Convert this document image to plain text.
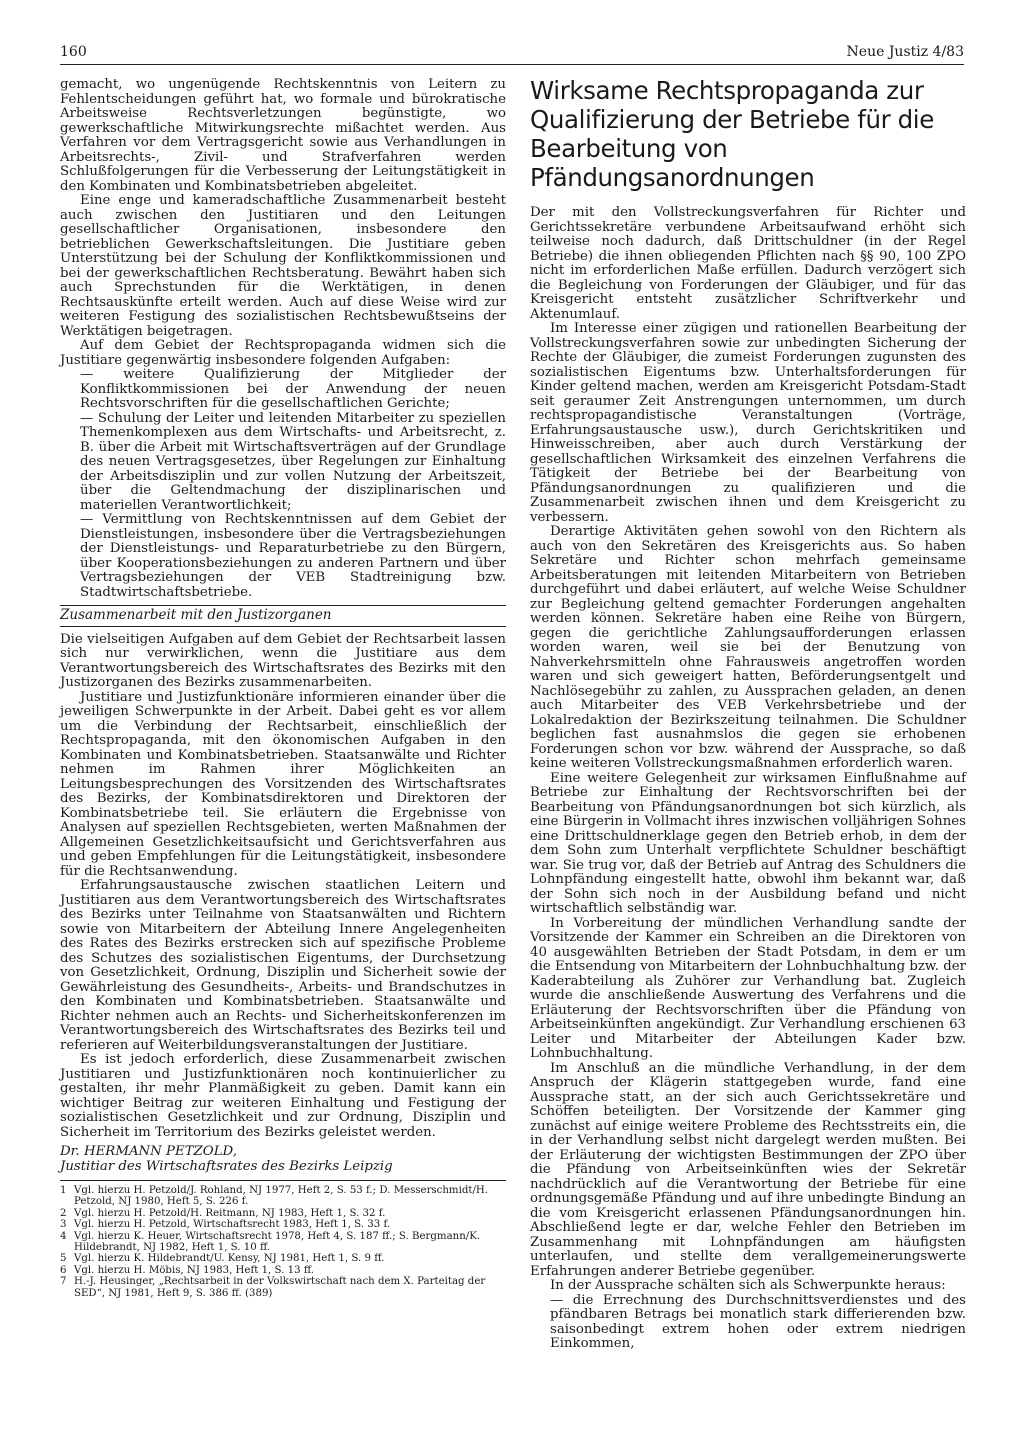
160	Neue Justiz 4/83

gemacht, wo ungenügende Rechtskenntnis von Leitern zu Fehlentscheidungen geführt hat, wo formale und bürokratische Arbeitsweise Rechtsverletzungen begünstigte, wo gewerkschaftliche Mitwirkungsrechte mißachtet werden. Aus Verfahren vor dem Vertragsgericht sowie aus Verhandlungen in Arbeitsrechts-, Zivil- und Strafverfahren werden Schlußfolgerungen für die Verbesserung der Leitungstätigkeit in den Kombinaten und Kombinatsbetrieben abgeleitet.

Eine enge und kameradschaftliche Zusammenarbeit besteht auch zwischen den Justitiaren und den Leitungen gesellschaftlicher Organisationen, insbesondere den betrieblichen Gewerkschaftsleitungen. Die Justitiare geben Unterstützung bei der Schulung der Konfliktkommissionen und bei der gewerkschaftlichen Rechtsberatung. Bewährt haben sich auch Sprechstunden für die Werktätigen, in denen Rechtsauskünfte erteilt werden. Auch auf diese Weise wird zur weiteren Festigung des sozialistischen Rechtsbewußtseins der Werktätigen beigetragen.

Auf dem Gebiet der Rechtspropaganda widmen sich die Justitiare gegenwärtig insbesondere folgenden Aufgaben:

— weitere Qualifizierung der Mitglieder der Konfliktkommissionen bei der Anwendung der neuen Rechtsvorschriften für die gesellschaftlichen Gerichte;

— Schulung der Leiter und leitenden Mitarbeiter zu speziellen Themenkomplexen aus dem Wirtschafts- und Arbeitsrecht, z. B. über die Arbeit mit Wirtschaftsverträgen auf der Grundlage des neuen Vertragsgesetzes, über Regelungen zur Einhaltung der Arbeitsdisziplin und zur vollen Nutzung der Arbeitszeit, über die Geltendmachung der disziplinarischen und materiellen Verantwortlichkeit;

— Vermittlung von Rechtskenntnissen auf dem Gebiet der Dienstleistungen, insbesondere über die Vertragsbeziehungen der Dienstleistungs- und Reparaturbetriebe zu den Bürgern, über Kooperationsbeziehungen zu anderen Partnern und über Vertragsbeziehungen der VEB Stadtreinigung bzw. Stadtwirtschaftsbetriebe.

Zusammenarbeit mit den Justizorganen

Die vielseitigen Aufgaben auf dem Gebiet der Rechtsarbeit lassen sich nur verwirklichen, wenn die Justitiare aus dem Verantwortungsbereich des Wirtschaftsrates des Bezirks mit den Justizorganen des Bezirks zusammenarbeiten.

Justitiare und Justizfunktionäre informieren einander über die jeweiligen Schwerpunkte in der Arbeit. Dabei geht es vor allem um die Verbindung der Rechtsarbeit, einschließlich der Rechtspropaganda, mit den ökonomischen Aufgaben in den Kombinaten und Kombinatsbetrieben. Staatsanwälte und Richter nehmen im Rahmen ihrer Möglichkeiten an Leitungsbesprechungen des Vorsitzenden des Wirtschaftsrates des Bezirks, der Kombinatsdirektoren und Direktoren der Kombinatsbetriebe teil. Sie erläutern die Ergebnisse von Analysen auf speziellen Rechtsgebieten, werten Maßnahmen der Allgemeinen Gesetzlichkeitsaufsicht und Gerichtsverfahren aus und geben Empfehlungen für die Leitungstätigkeit, insbesondere für die Rechtsanwendung.

Erfahrungsaustausche zwischen staatlichen Leitern und Justitiaren aus dem Verantwortungsbereich des Wirtschaftsrates des Bezirks unter Teilnahme von Staatsanwälten und Richtern sowie von Mitarbeitern der Abteilung Innere Angelegenheiten des Rates des Bezirks erstrecken sich auf spezifische Probleme des Schutzes des sozialistischen Eigentums, der Durchsetzung von Gesetzlichkeit, Ordnung, Disziplin und Sicherheit sowie der Gewährleistung des Gesundheits-, Arbeits- und Brandschutzes in den Kombinaten und Kombinatsbetrieben. Staatsanwälte und Richter nehmen auch an Rechts- und Sicherheitskonferenzen im Verantwortungsbereich des Wirtschaftsrates des Bezirks teil und referieren auf Weiterbildungsveranstaltungen der Justitiare.

Es ist jedoch erforderlich, diese Zusammenarbeit zwischen Justitiaren und Justizfunktionären noch kontinuierlicher zu gestalten, ihr mehr Planmäßigkeit zu geben. Damit kann ein wichtiger Beitrag zur weiteren Einhaltung und Festigung der sozialistischen Gesetzlichkeit und zur Ordnung, Disziplin und Sicherheit im Territorium des Bezirks geleistet werden.

Dr. HERMANN PETZOLD,
Justitiar des Wirtschaftsrates des Bezirks Leipzig
1 Vgl. hierzu H. Petzold/J. Rohland, NJ 1977, Heft 2, S. 53 f.; D. Messerschmidt/H. Petzold, NJ 1980, Heft 5, S. 226 f.
2 Vgl. hierzu H. Petzold/H. Reitmann, NJ 1983, Heft 1, S. 32 f.
3 Vgl. hierzu H. Petzold, Wirtschaftsrecht 1983, Heft 1, S. 33 f.
4 Vgl. hierzu K. Heuer, Wirtschaftsrecht 1978, Heft 4, S. 187 ff.; S. Bergmann/K. Hildebrandt, NJ 1982, Heft 1, S. 10 ff.
5 Vgl. hierzu K. Hildebrandt/U. Kensy, NJ 1981, Heft 1, S. 9 ff.
6 Vgl. hierzu H. Möbis, NJ 1983, Heft 1, S. 13 ff.
7 H.-J. Heusinger, „Rechtsarbeit in der Volkswirtschaft nach dem X. Parteitag der SED“, NJ 1981, Heft 9, S. 386 ff. (389)
Wirksame Rechtspropaganda zur Qualifizierung der Betriebe für die Bearbeitung von Pfändungsanordnungen

Der mit den Vollstreckungsverfahren für Richter und Gerichtssekretäre verbundene Arbeitsaufwand erhöht sich teilweise noch dadurch, daß Drittschuldner (in der Regel Betriebe) die ihnen obliegenden Pflichten nach §§ 90, 100 ZPO nicht im erforderlichen Maße erfüllen. Dadurch verzögert sich die Begleichung von Forderungen der Gläubiger, und für das Kreisgericht entsteht zusätzlicher Schriftverkehr und Aktenumlauf.

Im Interesse einer zügigen und rationellen Bearbeitung der Vollstreckungsverfahren sowie zur unbedingten Sicherung der Rechte der Gläubiger, die zumeist Forderungen zugunsten des sozialistischen Eigentums bzw. Unterhaltsforderungen für Kinder geltend machen, werden am Kreisgericht Potsdam-Stadt seit geraumer Zeit Anstrengungen unternommen, um durch rechtspropagandistische Veranstaltungen (Vorträge, Erfahrungsaustausche usw.), durch Gerichtskritiken und Hinweisschreiben, aber auch durch Verstärkung der gesellschaftlichen Wirksamkeit des einzelnen Verfahrens die Tätigkeit der Betriebe bei der Bearbeitung von Pfändungsanordnungen zu qualifizieren und die Zusammenarbeit zwischen ihnen und dem Kreisgericht zu verbessern.

Derartige Aktivitäten gehen sowohl von den Richtern als auch von den Sekretären des Kreisgerichts aus. So haben Sekretäre und Richter schon mehrfach gemeinsame Arbeitsberatungen mit leitenden Mitarbeitern von Betrieben durchgeführt und dabei erläutert, auf welche Weise Schuldner zur Begleichung geltend gemachter Forderungen angehalten werden können. Sekretäre haben eine Reihe von Bürgern, gegen die gerichtliche Zahlungsaufforderungen erlassen worden waren, weil sie bei der Benutzung von Nahverkehrsmitteln ohne Fahrausweis angetroffen worden waren und sich geweigert hatten, Beförderungsentgelt und Nachlösegebühr zu zahlen, zu Aussprachen geladen, an denen auch Mitarbeiter des VEB Verkehrsbetriebe und der Lokalredaktion der Bezirkszeitung teilnahmen. Die Schuldner beglichen fast ausnahmslos die gegen sie erhobenen Forderungen schon vor bzw. während der Aussprache, so daß keine weiteren Vollstreckungsmaßnahmen erforderlich waren.

Eine weitere Gelegenheit zur wirksamen Einflußnahme auf Betriebe zur Einhaltung der Rechtsvorschriften bei der Bearbeitung von Pfändungsanordnungen bot sich kürzlich, als eine Bürgerin in Vollmacht ihres inzwischen volljährigen Sohnes eine Drittschuldnerklage gegen den Betrieb erhob, in dem der dem Sohn zum Unterhalt verpflichtete Schuldner beschäftigt war. Sie trug vor, daß der Betrieb auf Antrag des Schuldners die Lohnpfändung eingestellt hatte, obwohl ihm bekannt war, daß der Sohn sich noch in der Ausbildung befand und nicht wirtschaftlich selbständig war.

In Vorbereitung der mündlichen Verhandlung sandte der Vorsitzende der Kammer ein Schreiben an die Direktoren von 40 ausgewählten Betrieben der Stadt Potsdam, in dem er um die Entsendung von Mitarbeitern der Lohnbuchhaltung bzw. der Kaderabteilung als Zuhörer zur Verhandlung bat. Zugleich wurde die anschließende Auswertung des Verfahrens und die Erläuterung der Rechtsvorschriften über die Pfändung von Arbeitseinkünften angekündigt. Zur Verhandlung erschienen 63 Leiter und Mitarbeiter der Abteilungen Kader bzw. Lohnbuchhaltung.

Im Anschluß an die mündliche Verhandlung, in der dem Anspruch der Klägerin stattgegeben wurde, fand eine Aussprache statt, an der sich auch Gerichtssekretäre und Schöffen beteiligten. Der Vorsitzende der Kammer ging zunächst auf einige weitere Probleme des Rechtsstreits ein, die in der Verhandlung selbst nicht dargelegt werden mußten. Bei der Erläuterung der wichtigsten Bestimmungen der ZPO über die Pfändung von Arbeitseinkünften wies der Sekretär nachdrücklich auf die Verantwortung der Betriebe für eine ordnungsgemäße Pfändung und auf ihre unbedingte Bindung an die vom Kreisgericht erlassenen Pfändungsanordnungen hin. Abschließend legte er dar, welche Fehler den Betrieben im Zusammenhang mit Lohnpfändungen am häufigsten unterlaufen, und stellte dem verallgemeinerungswerte Erfahrungen anderer Betriebe gegenüber.

In der Aussprache schälten sich als Schwerpunkte heraus:

— die Errechnung des Durchschnittsverdienstes und des pfändbaren Betrags bei monatlich stark differierenden bzw. saisonbedingt extrem hohen oder extrem niedrigen Einkommen,
